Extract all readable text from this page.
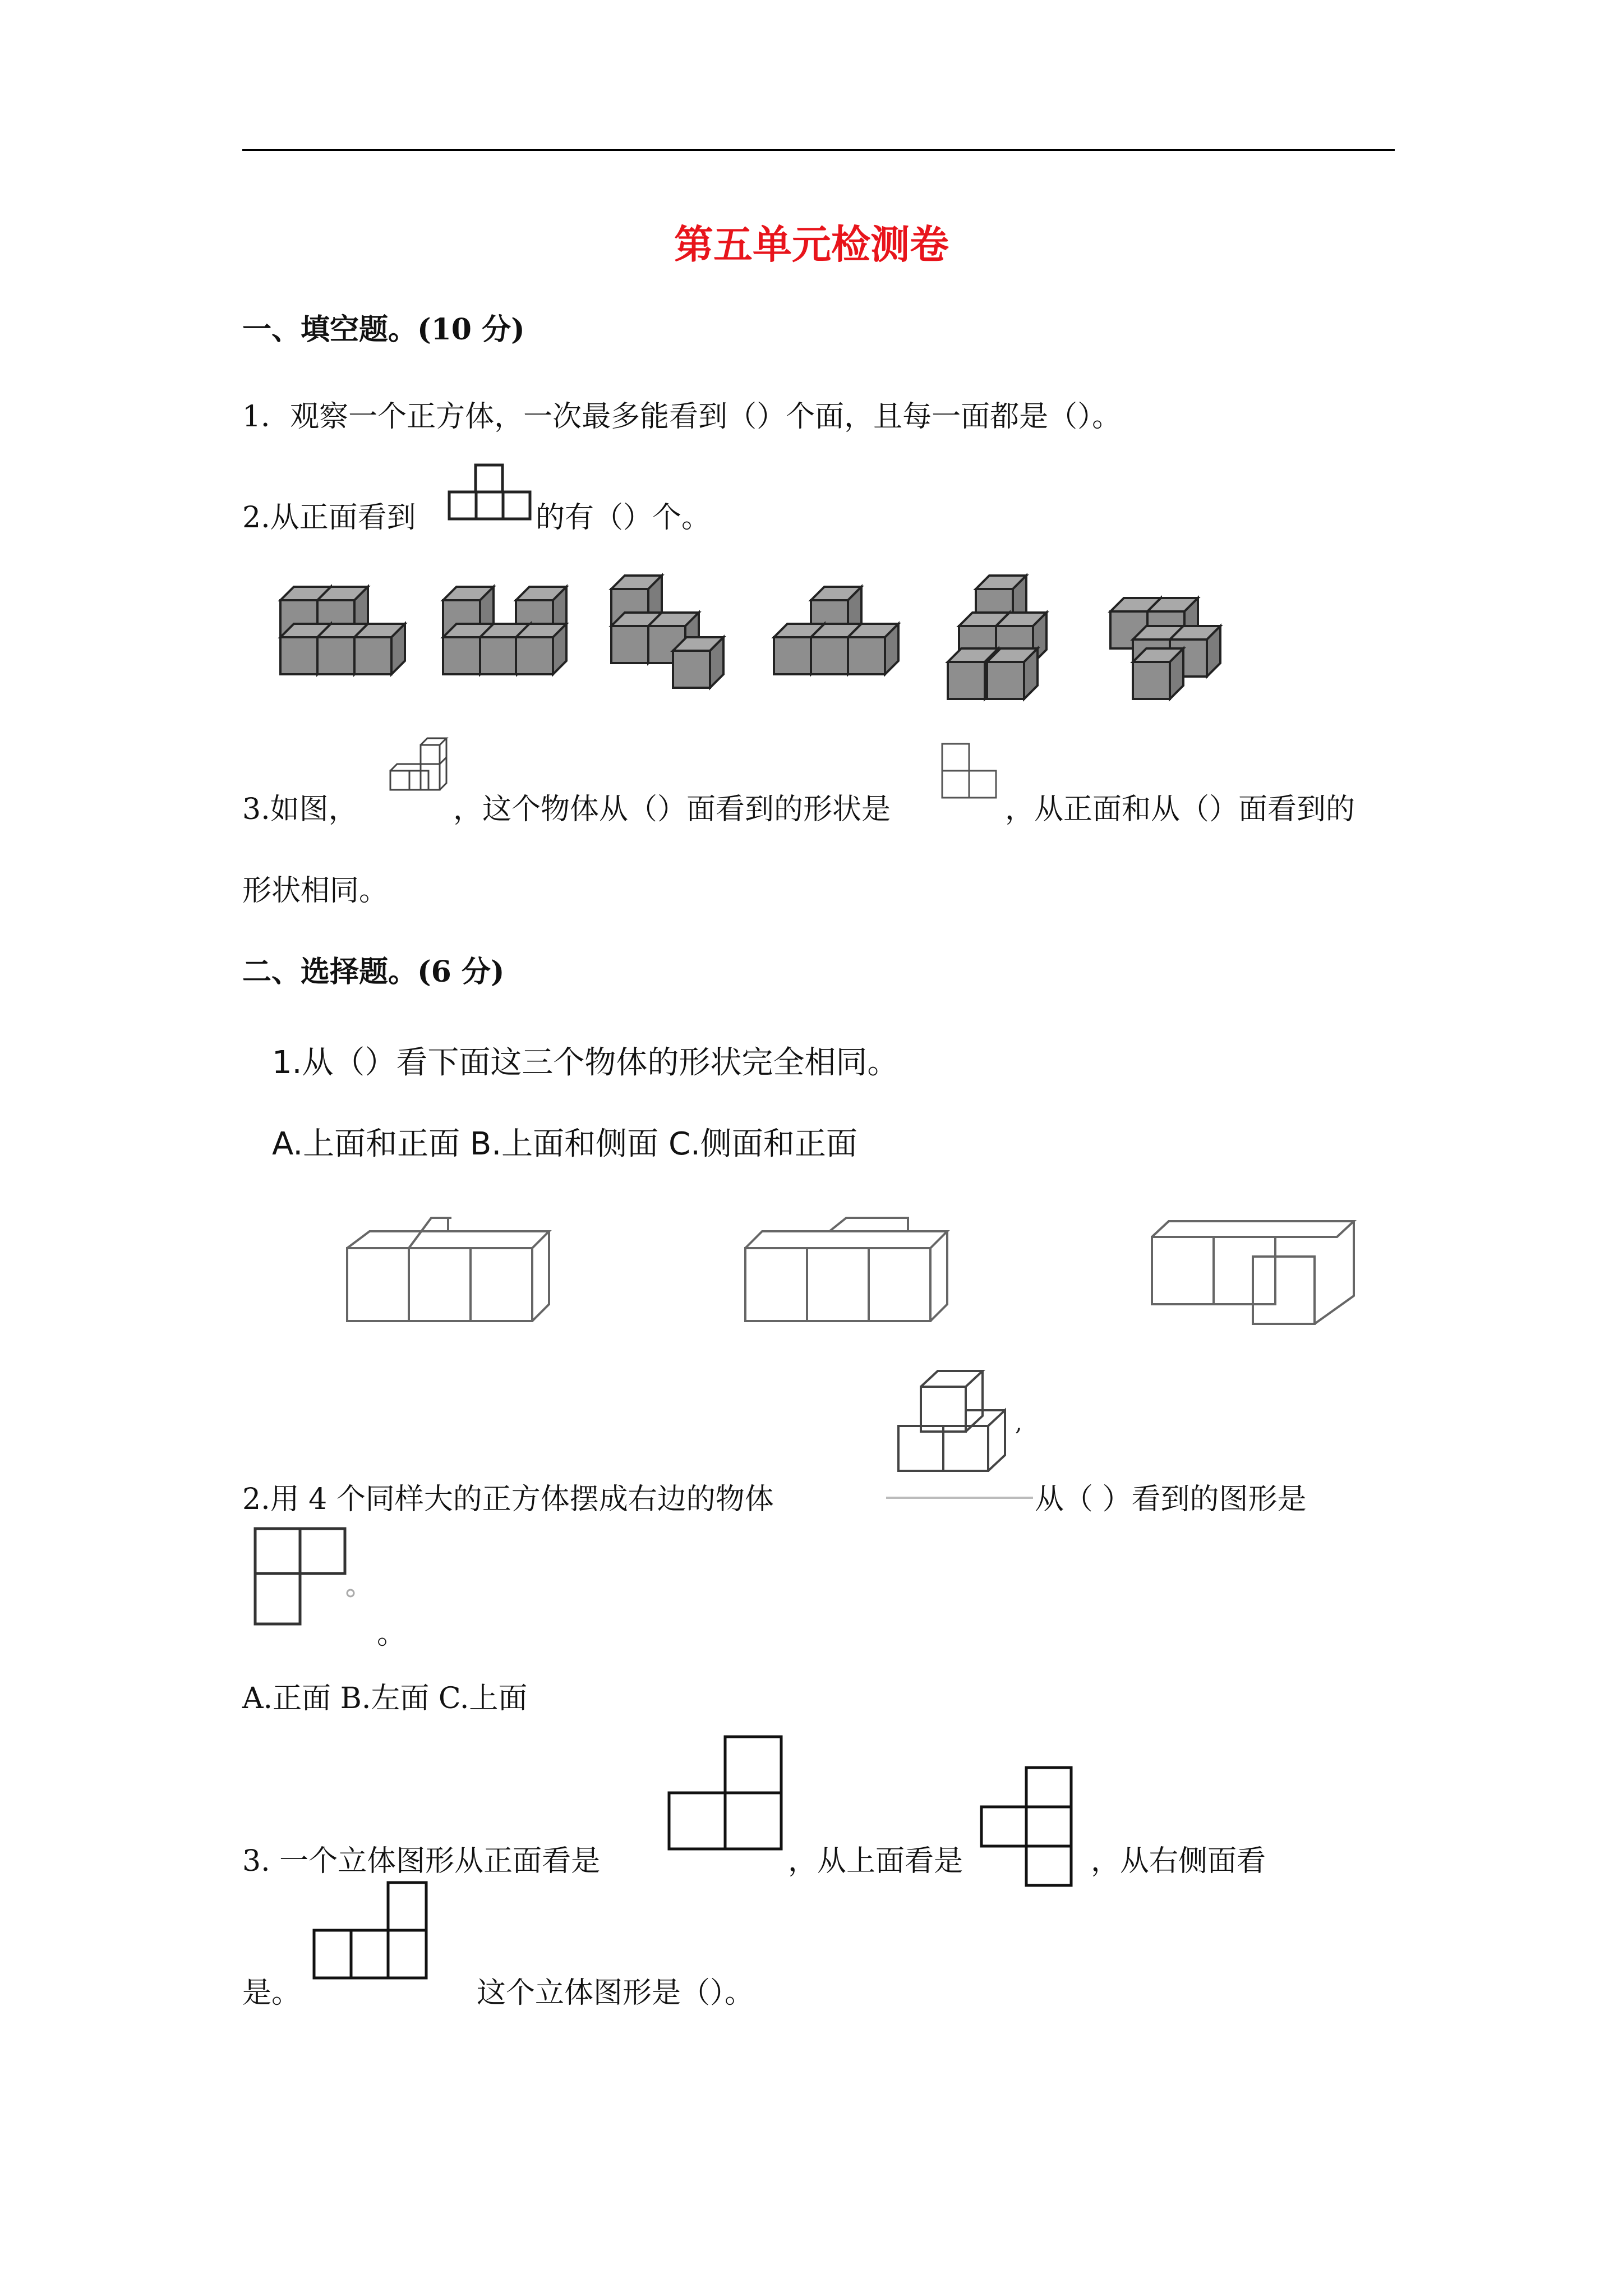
第五单元检测卷
一、填空题。(10 分)
1．观察一个正方体，一次最多能看到（）个面，且每一面都是（）。
2.从正面看到	的有（）个。
3.如图，	，这个物体从（）面看到的形状是	，从正面和从（）面看到的
形状相同。
二、选择题。(6 分)
1.从（）看下面这三个物体的形状完全相同。
A.上面和正面 B.上面和侧面 C.侧面和正面
,
2.用 4 个同样大的正方体摆成右边的物体	从（ ）看到的图形是
。
A.正面 B.左面 C.上面
3. 一个立体图形从正面看是	，从上面看是	，从右侧面看
是。	这个立体图形是（）。
